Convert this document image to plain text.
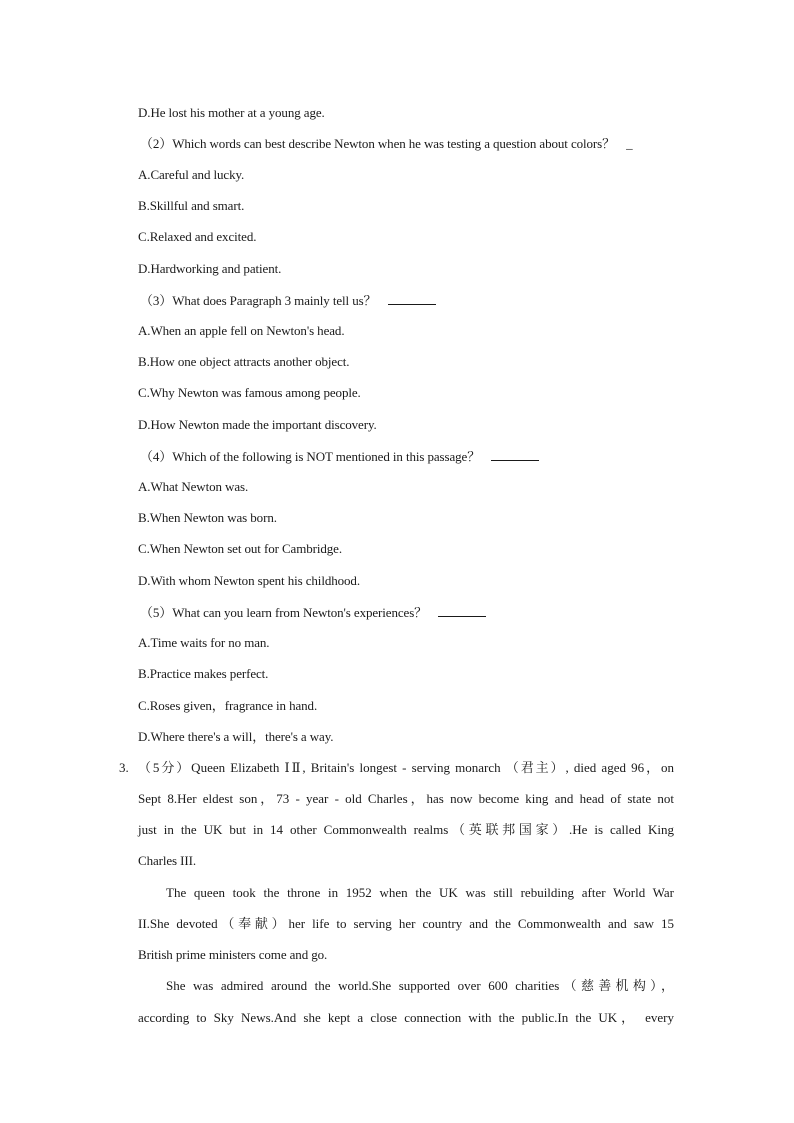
D.He lost his mother at a young age.
（2）Which words can best describe Newton when he was testing a question about colors？ _
A.Careful and lucky.
B.Skillful and smart.
C.Relaxed and excited.
D.Hardworking and patient.
（3）What does Paragraph 3 mainly tell us？
A.When an apple fell on Newton's head.
B.How one object attracts another object.
C.Why Newton was famous among people.
D.How Newton made the important discovery.
（4）Which of the following is NOT mentioned in this passage？
A.What Newton was.
B.When Newton was born.
C.When Newton set out for Cambridge.
D.With whom Newton spent his childhood.
（5）What can you learn from Newton's experiences？
A.Time waits for no man.
B.Practice makes perfect.
C.Roses given，fragrance in hand.
D.Where there's a will，there's a way.
3. （5分）Queen Elizabeth ⅠⅡ, Britain's longest - serving monarch （君主）, died aged 96，on
Sept 8.Her eldest son，73 - year - old Charles，has now become king and head of state not
just in the UK but in 14 other Commonwealth realms（英联邦国家）.He is called King
Charles III.
The queen took the throne in 1952 when the UK was still rebuilding after World War
II.She devoted（奉献）her life to serving her country and the Commonwealth and saw 15
British prime ministers come and go.
She was admired around the world.She supported over 600 charities（慈善机构），
according to Sky News.And she kept a close connection with the public.In the UK， every
